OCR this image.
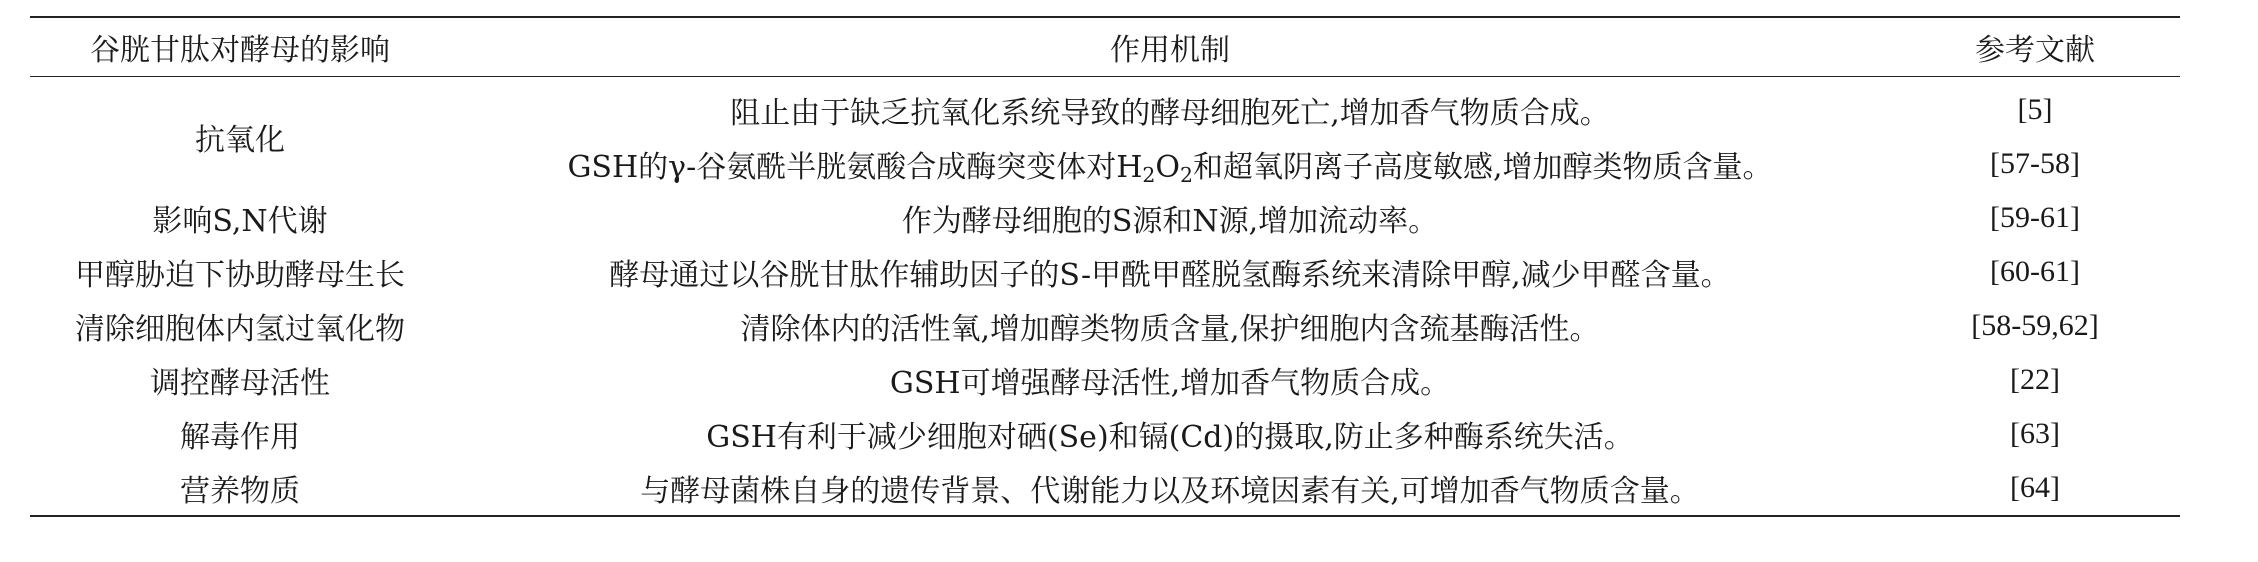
谷胱甘肽对酵母的影响	作用机制	参考文献
抗氧化	阻止由于缺乏抗氧化系统导致的酵母细胞死亡,增加香气物质合成。	[5]
	GSH的γ-谷氨酰半胱氨酸合成酶突变体对$H_2O_2$和超氧阴离子高度敏感,增加醇类物质含量。	[57-58]
影响S,N代谢	作为酵母细胞的S源和N源,增加流动率。	[59-61]
甲醇胁迫下协助酵母生长	酵母通过以谷胱甘肽作辅助因子的S-甲酰甲醛脱氢酶系统来清除甲醇,减少甲醛含量。	[60-61]
清除细胞体内氢过氧化物	清除体内的活性氧,增加醇类物质含量,保护细胞内含巯基酶活性。	[58-59,62]
调控酵母活性	GSH可增强酵母活性,增加香气物质合成。	[22]
解毒作用	GSH有利于减少细胞对硒(Se)和镉(Cd)的摄取,防止多种酶系统失活。	[63]
营养物质	与酵母菌株自身的遗传背景、代谢能力以及环境因素有关,可增加香气物质含量。	[64]
